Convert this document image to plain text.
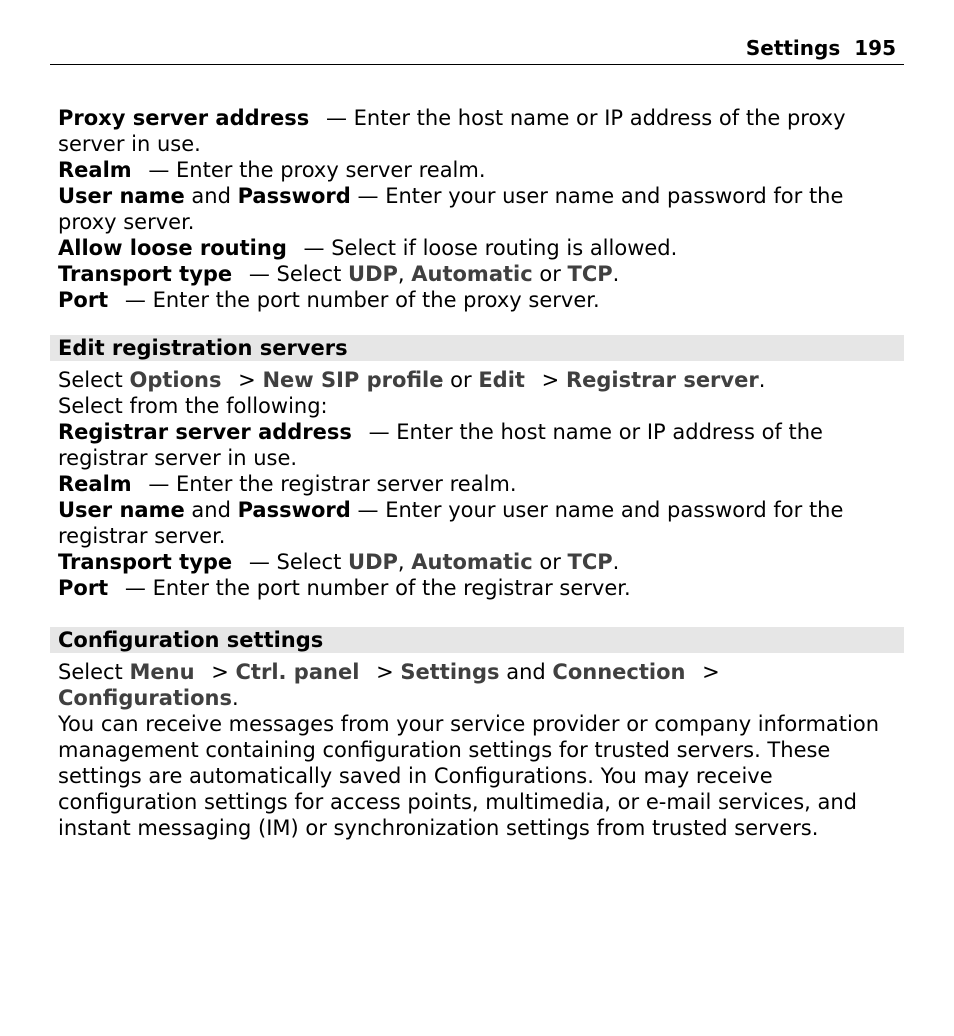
Settings 195

Proxy server address — Enter the host name or IP address of the proxy server in use.

Realm — Enter the proxy server realm.

User name and Password — Enter your user name and password for the proxy server.

Allow loose routing — Select if loose routing is allowed.

Transport type — Select UDP, Automatic or TCP.

Port — Enter the port number of the proxy server.

Edit registration servers

Select Options > New SIP profile or Edit > Registrar server.

Select from the following:

Registrar server address — Enter the host name or IP address of the registrar server in use.

Realm — Enter the registrar server realm.

User name and Password — Enter your user name and password for the registrar server.

Transport type — Select UDP, Automatic or TCP.

Port — Enter the port number of the registrar server.

Configuration settings

Select Menu > Ctrl. panel > Settings and Connection > Configurations.

You can receive messages from your service provider or company information management containing configuration settings for trusted servers. These settings are automatically saved in Configurations. You may receive configuration settings for access points, multimedia, or e-mail services, and instant messaging (IM) or synchronization settings from trusted servers.
